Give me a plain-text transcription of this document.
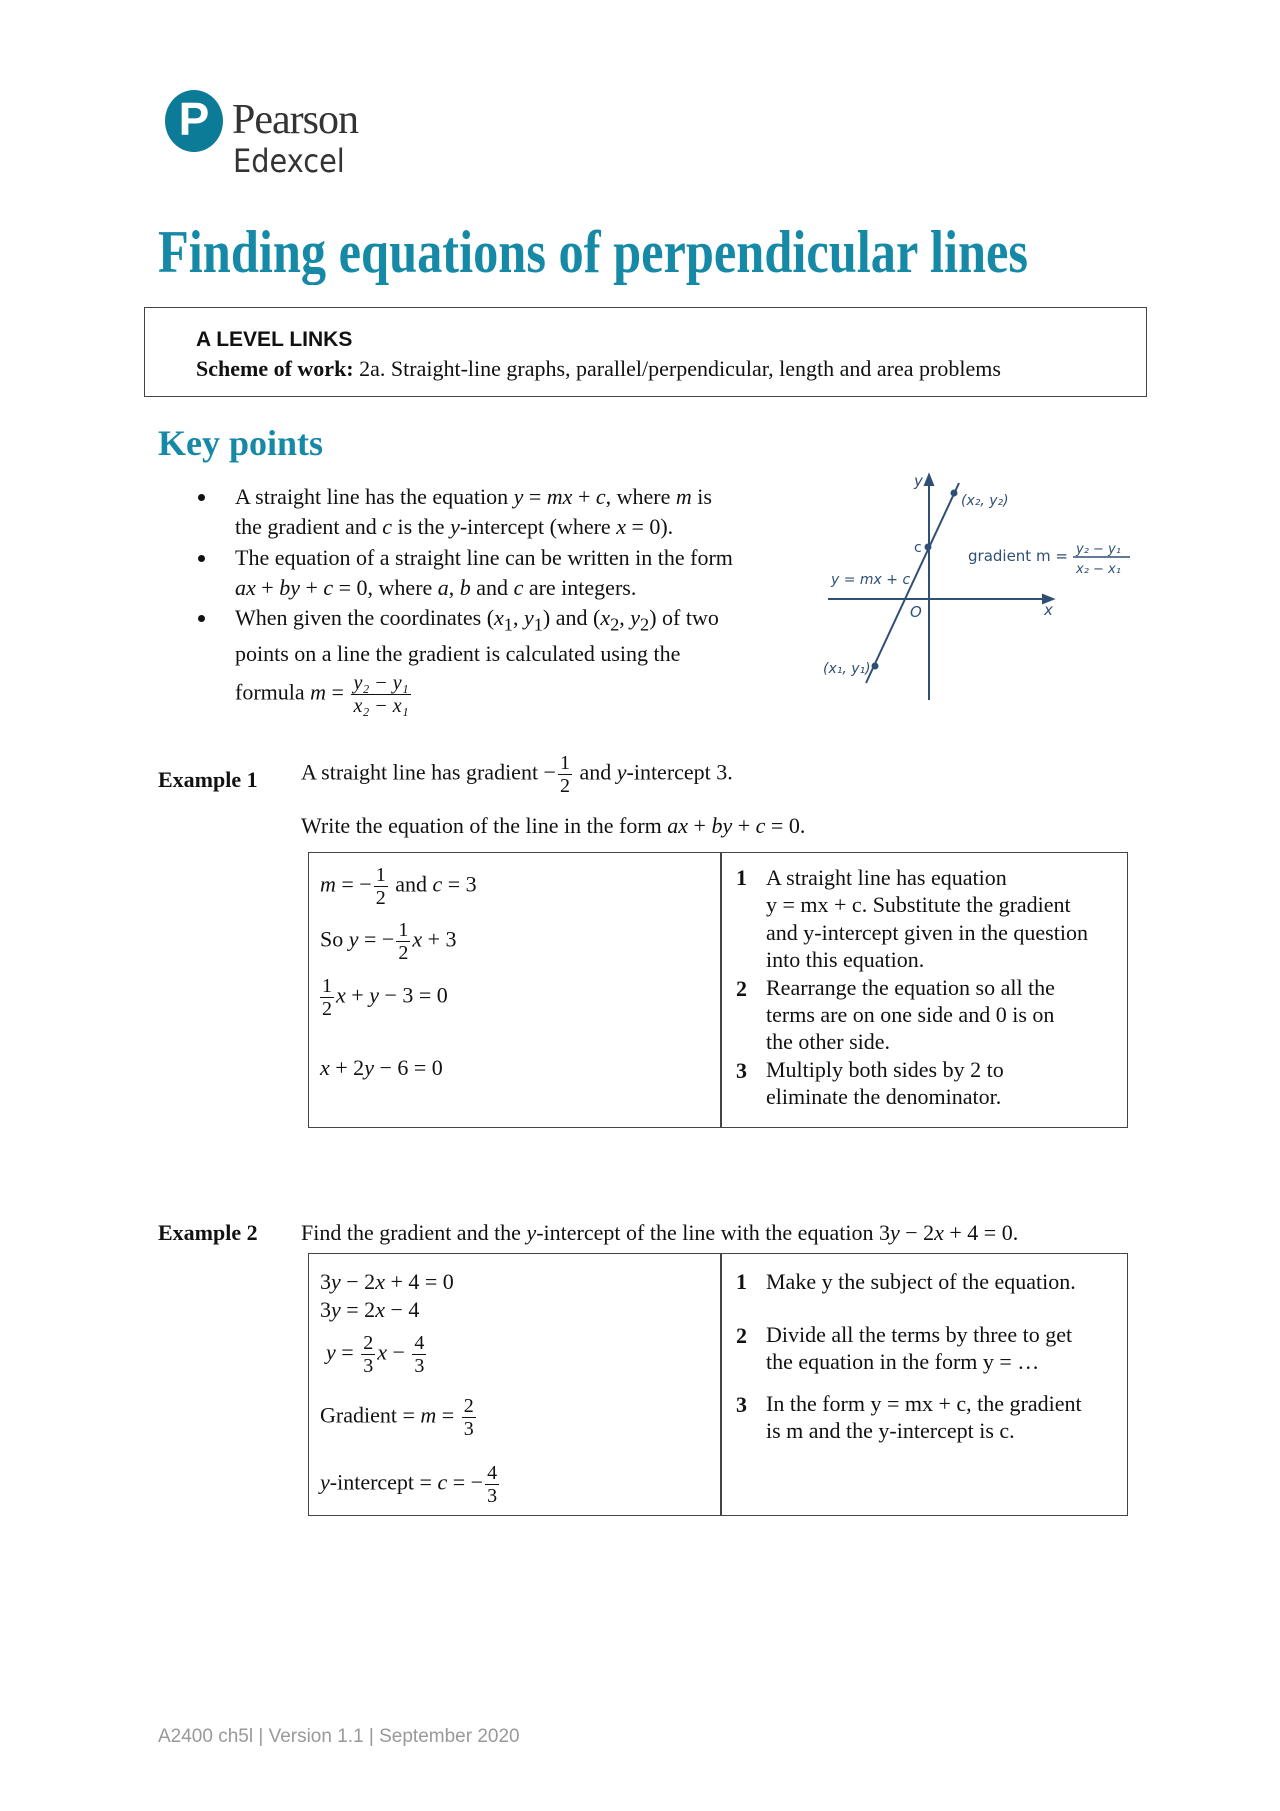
P Pearson
Edexcel
Finding equations of perpendicular lines
A LEVEL LINKS
Scheme of work: 2a. Straight-line graphs, parallel/perpendicular, length and area problems
Key points
A straight line has the equation y = mx + c, where m is
the gradient and c is the y-intercept (where x = 0).
The equation of a straight line can be written in the form
ax + by + c = 0, where a, b and c are integers.
When given the coordinates ($x_1$, $y_1$) and ($x_2$, $y_2$) of two
points on a line the gradient is calculated using the
formula $m = \frac{\text{y₂ − y₁}}{\text{x₂ − x₁}}$
y
x
O
c
y = mx + c
(x₂, y₂)
(x₁, y₁)
gradient m = y₂ − y₁
x₂ − x₁
Example 1 A straight line has gradient − $\frac{1}{2}$ and y-intercept 3.
Write the equation of the line in the form ax + by + c = 0.
m = − $\frac{1}{2}$ and c = 3
So y = − $\frac{1}{2}$ x + 3
$\frac{1}{2}$ x + y − 3 = 0
x + 2y − 6 = 0
1 A straight line has equation
y = mx + c. Substitute the gradient
and y-intercept given in the question
into this equation.
2 Rearrange the equation so all the
terms are on one side and 0 is on
the other side.
3 Multiply both sides by 2 to
eliminate the denominator.
Example 2 Find the gradient and the y-intercept of the line with the equation 3y − 2x + 4 = 0.
3y − 2x + 4 = 0
3y = 2x − 4
$y = \frac{2}{3}$ $x - \frac{4}{3}$
Gradient = $m = \frac{2}{3}$
y-intercept = c = − $\frac{4}{3}$
1 Make y the subject of the equation.
2 Divide all the terms by three to get
the equation in the form y = …
3 In the form y = mx + c, the gradient
is m and the y-intercept is c.
A2400 ch5l | Version 1.1 | September 2020
